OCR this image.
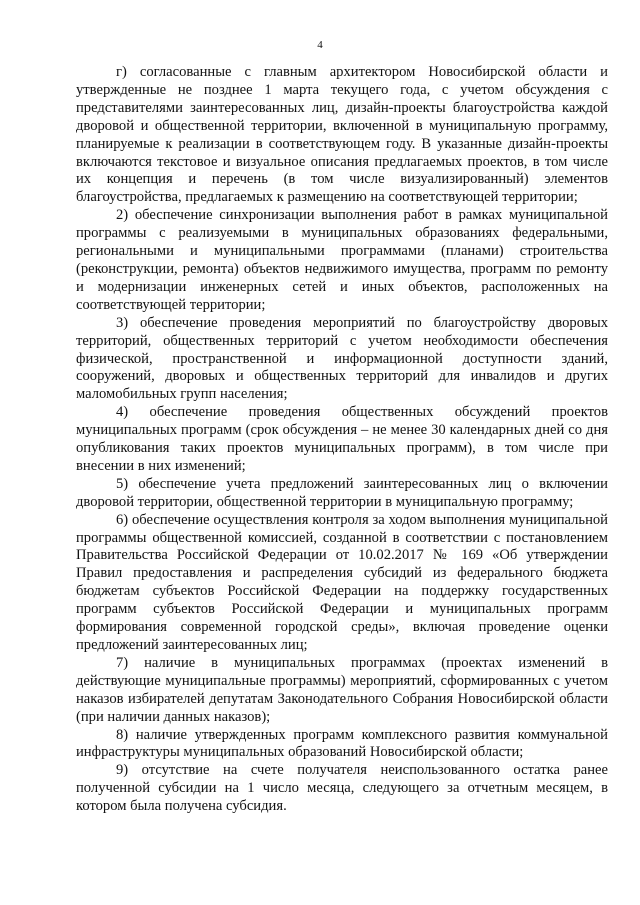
4

г) согласованные с главным архитектором Новосибирской области и утвержденные не позднее 1 марта текущего года, с учетом обсуждения с представителями заинтересованных лиц, дизайн-проекты благоустройства каждой дворовой и общественной территории, включенной в муниципальную программу, планируемые к реализации в соответствующем году. В указанные дизайн-проекты включаются текстовое и визуальное описания предлагаемых проектов, в том числе их концепция и перечень (в том числе визуализированный) элементов благоустройства, предлагаемых к размещению на соответствующей территории;

2) обеспечение синхронизации выполнения работ в рамках муниципальной программы с реализуемыми в муниципальных образованиях федеральными, региональными и муниципальными программами (планами) строительства (реконструкции, ремонта) объектов недвижимого имущества, программ по ремонту и модернизации инженерных сетей и иных объектов, расположенных на соответствующей территории;

3) обеспечение проведения мероприятий по благоустройству дворовых территорий, общественных территорий с учетом необходимости обеспечения физической, пространственной и информационной доступности зданий, сооружений, дворовых и общественных территорий для инвалидов и других маломобильных групп населения;

4) обеспечение проведения общественных обсуждений проектов муниципальных программ (срок обсуждения – не менее 30 календарных дней со дня опубликования таких проектов муниципальных программ), в том числе при внесении в них изменений;

5) обеспечение учета предложений заинтересованных лиц о включении дворовой территории, общественной территории в муниципальную программу;

6) обеспечение осуществления контроля за ходом выполнения муниципальной программы общественной комиссией, созданной в соответствии с постановлением Правительства Российской Федерации от 10.02.2017 № 169 «Об утверждении Правил предоставления и распределения субсидий из федерального бюджета бюджетам субъектов Российской Федерации на поддержку государственных программ субъектов Российской Федерации и муниципальных программ формирования современной городской среды», включая проведение оценки предложений заинтересованных лиц;

7) наличие в муниципальных программах (проектах изменений в действующие муниципальные программы) мероприятий, сформированных с учетом наказов избирателей депутатам Законодательного Собрания Новосибирской области (при наличии данных наказов);

8) наличие утвержденных программ комплексного развития коммунальной инфраструктуры муниципальных образований Новосибирской области;

9) отсутствие на счете получателя неиспользованного остатка ранее полученной субсидии на 1 число месяца, следующего за отчетным месяцем, в котором была получена субсидия.
